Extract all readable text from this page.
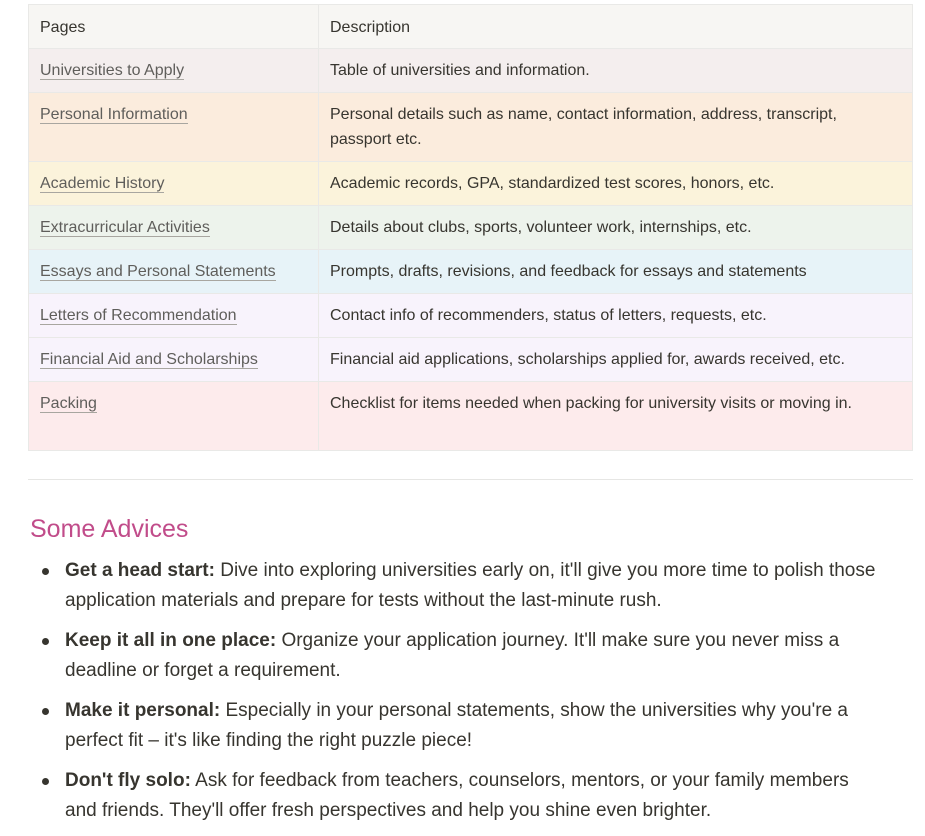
Pages	Description
Universities to Apply	Table of universities and information.
Personal Information	Personal details such as name, contact information, address, transcript, passport etc.
Academic History	Academic records, GPA, standardized test scores, honors, etc.
Extracurricular Activities	Details about clubs, sports, volunteer work, internships, etc.
Essays and Personal Statements	Prompts, drafts, revisions, and feedback for essays and statements
Letters of Recommendation	Contact info of recommenders, status of letters, requests, etc.
Financial Aid and Scholarships	Financial aid applications, scholarships applied for, awards received, etc.
Packing	Checklist for items needed when packing for university visits or moving in.
Some Advices
Get a head start: Dive into exploring universities early on, it'll give you more time to polish those application materials and prepare for tests without the last-minute rush.
Keep it all in one place: Organize your application journey. It'll make sure you never miss a deadline or forget a requirement.
Make it personal: Especially in your personal statements, show the universities why you're a perfect fit – it's like finding the right puzzle piece!
Don't fly solo: Ask for feedback from teachers, counselors, mentors, or your family members and friends. They'll offer fresh perspectives and help you shine even brighter.
